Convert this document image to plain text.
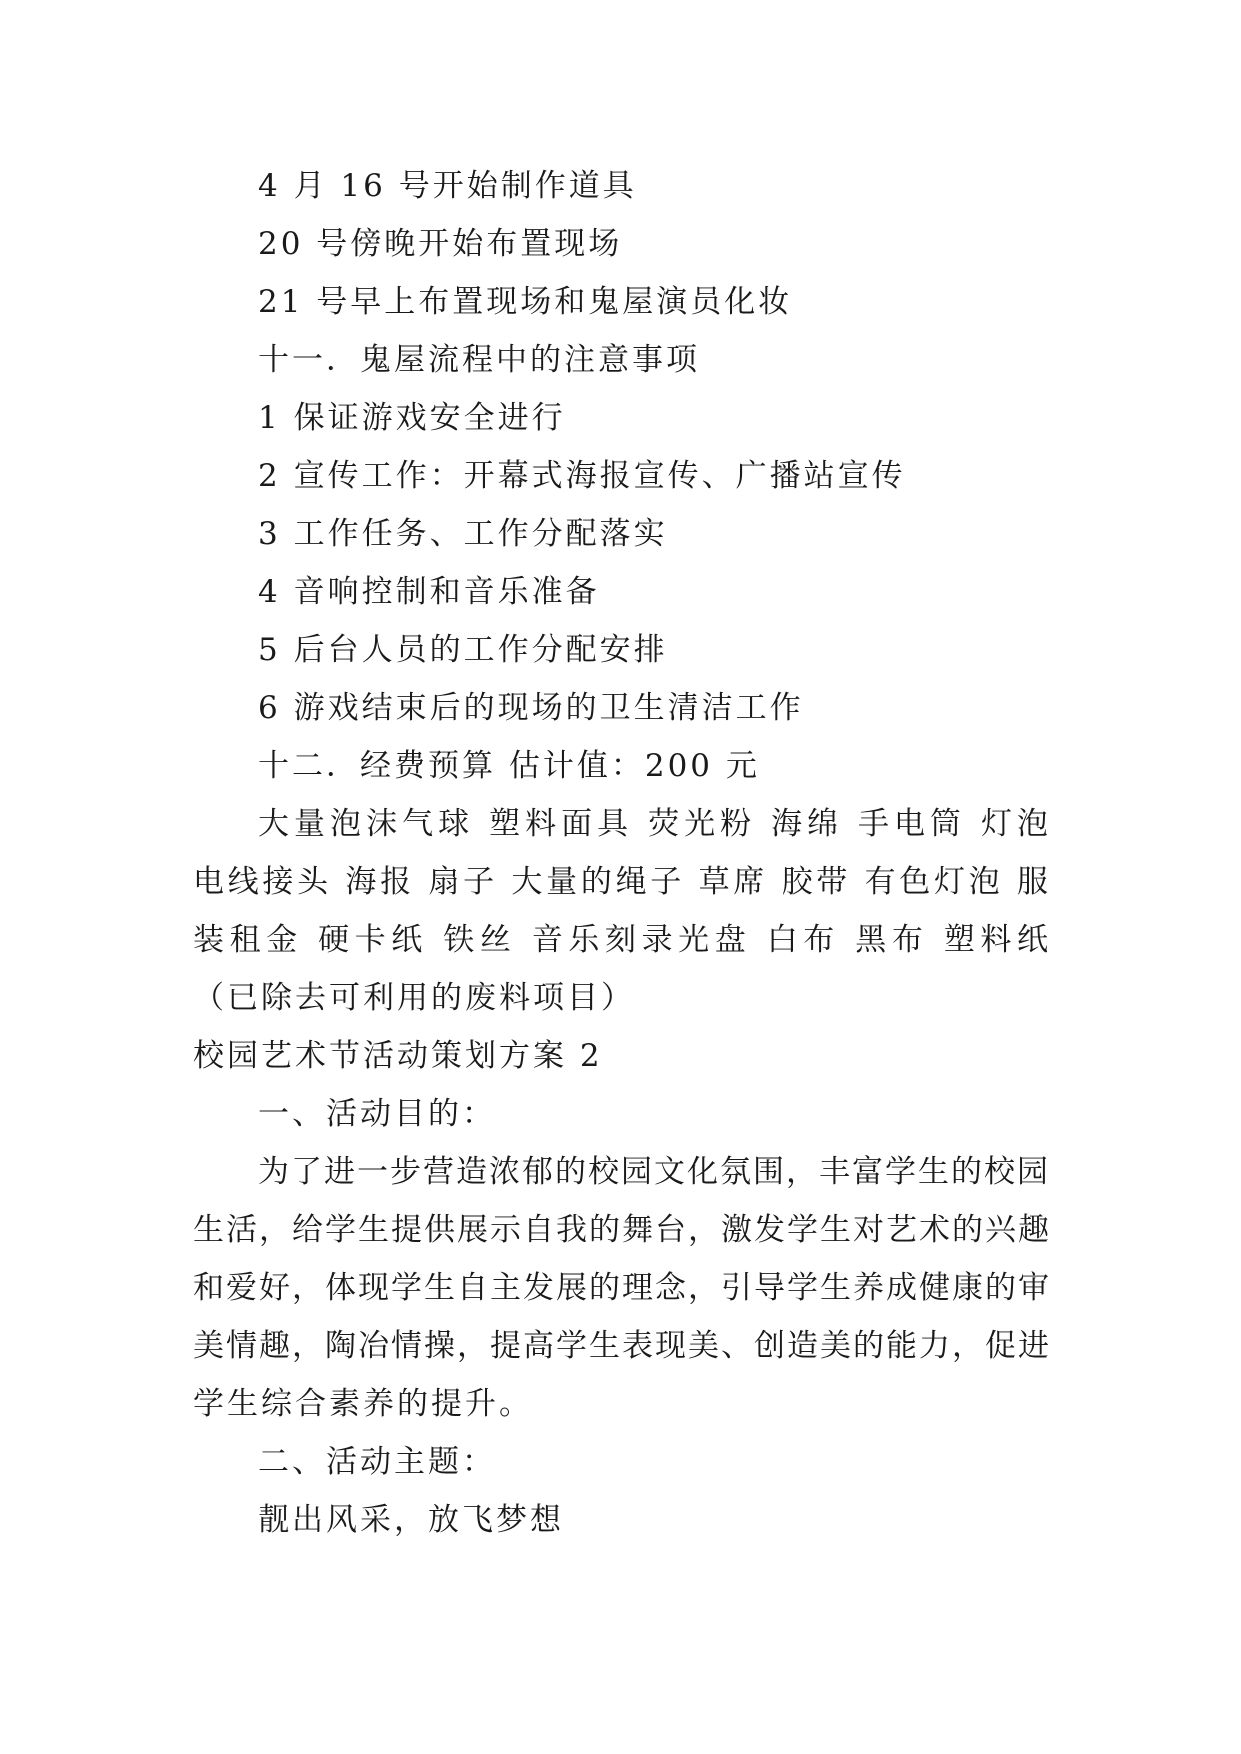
4 月 16 号开始制作道具

20 号傍晚开始布置现场

21 号早上布置现场和鬼屋演员化妆

十一．鬼屋流程中的注意事项

1 保证游戏安全进行

2 宣传工作：开幕式海报宣传、广播站宣传

3 工作任务、工作分配落实

4 音响控制和音乐准备

5 后台人员的工作分配安排

6 游戏结束后的现场的卫生清洁工作

十二．经费预算 估计值：200 元

大量泡沫气球 塑料面具 荧光粉 海绵 手电筒 灯泡

电线接头 海报 扇子 大量的绳子 草席 胶带 有色灯泡 服

装租金 硬卡纸 铁丝 音乐刻录光盘 白布 黑布 塑料纸

（已除去可利用的废料项目）

校园艺术节活动策划方案 2

一、活动目的：

为了进一步营造浓郁的校园文化氛围，丰富学生的校园

生活，给学生提供展示自我的舞台，激发学生对艺术的兴趣

和爱好，体现学生自主发展的理念，引导学生养成健康的审

美情趣，陶冶情操，提高学生表现美、创造美的能力，促进

学生综合素养的提升。

二、活动主题：

靓出风采，放飞梦想
